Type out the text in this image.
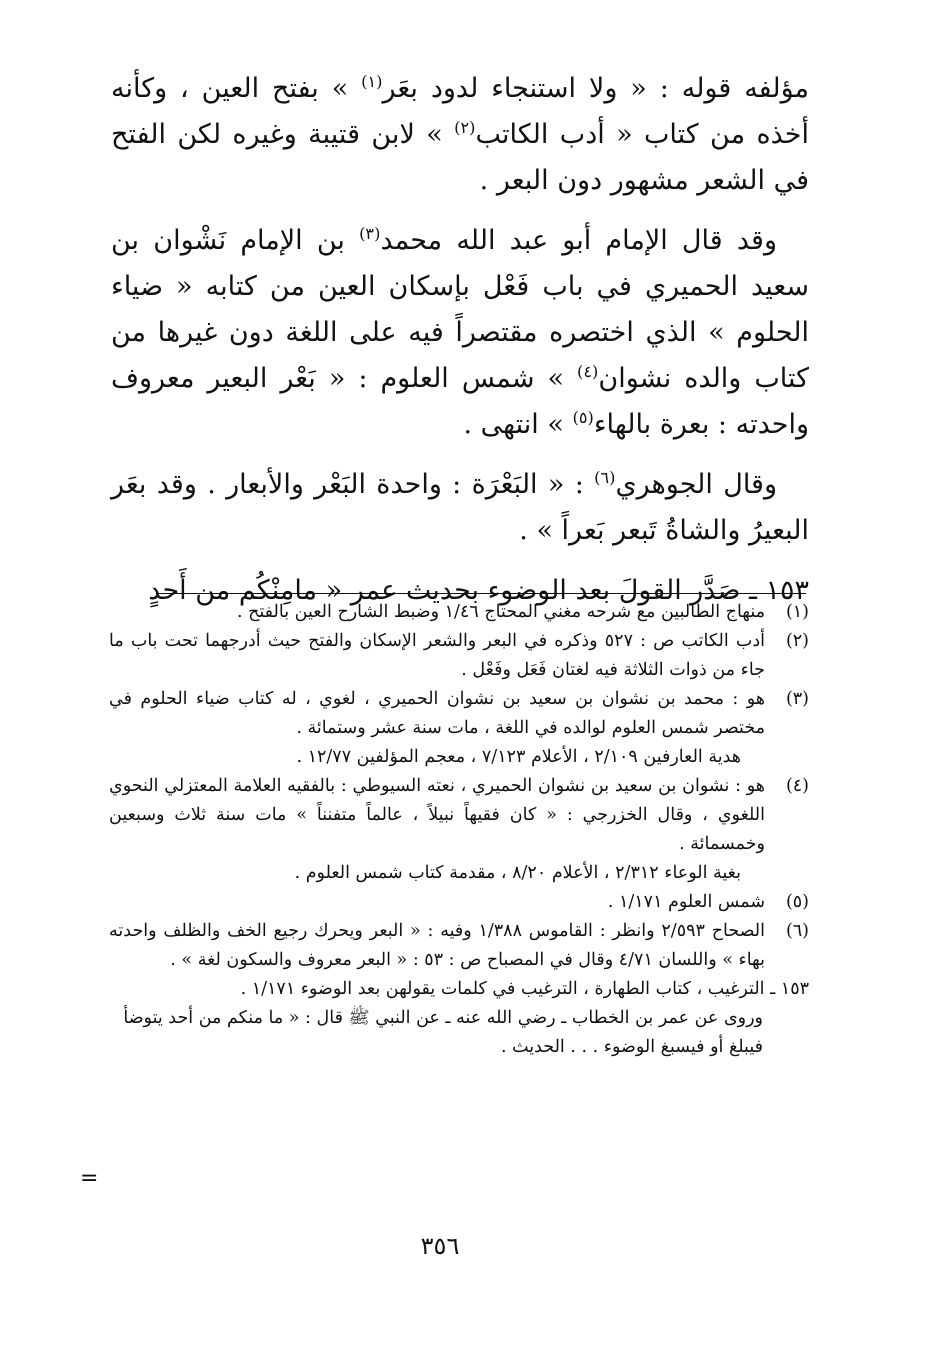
مؤلفه قوله : « ولا استنجاء لدود بعَر$^{(١)}$ » بفتح العين ، وكأنه أخذه من كتاب « أدب الكاتب$^{(٢)}$ » لابن قتيبة وغيره لكن الفتح في الشعر مشهور دون البعر .

وقد قال الإمام أبو عبد الله محمد$^{(٣)}$ بن الإمام نَشْوان بن سعيد الحميري في باب فَعْل بإسكان العين من كتابه « ضياء الحلوم » الذي اختصره مقتصراً فيه على اللغة دون غيرها من كتاب والده نشوان$^{(٤)}$ » شمس العلوم : « بَعْر البعير معروف واحدته : بعرة بالهاء$^{(٥)}$ » انتهى .

وقال الجوهري$^{(٦)}$ : « البَعْرَة : واحدة البَعْر والأبعار . وقد بعَر البعيرُ والشاةُ تَبعر بَعراً » .

١٥٣ ـ صَدَّر القولَ بعد الوضوء بحديث عمر « مامِنْكُم من أَحدٍ

(١)

منهاج الطالبين مع شرحه مغني المحتاج ١/٤٦ وضبط الشارح العين بالفتح .

(٢)

أدب الكاتب ص : ٥٢٧ وذكره في البعر والشعر الإسكان والفتح حيث أدرجهما تحت باب ما جاء من ذوات الثلاثة فيه لغتان فَعَل وفَعْل .

(٣)

هو : محمد بن نشوان بن سعيد بن نشوان الحميري ، لغوي ، له كتاب ضياء الحلوم في مختصر شمس العلوم لوالده في اللغة ، مات سنة عشر وستمائة .

هدية العارفين ٢/١٠٩ ، الأعلام ٧/١٢٣ ، معجم المؤلفين ١٢/٧٧ .

(٤)

هو : نشوان بن سعيد بن نشوان الحميري ، نعته السيوطي : بالفقيه العلامة المعتزلي النحوي اللغوي ، وقال الخزرجي : « كان فقيهاً نبيلاً ، عالماً متفنناً » مات سنة ثلاث وسبعين وخمسمائة .

بغية الوعاء ٢/٣١٢ ، الأعلام ٨/٢٠ ، مقدمة كتاب شمس العلوم .

(٥)

شمس العلوم ١/١٧١ .

(٦)

الصحاح ٢/٥٩٣ وانظر : القاموس ١/٣٨٨ وفيه : « البعر ويحرك رجيع الخف والظلف واحدته بهاء » واللسان ٤/٧١ وقال في المصباح ص : ٥٣ : « البعر معروف والسكون لغة » .

١٥٣ ـ الترغيب ، كتاب الطهارة ، الترغيب في كلمات يقولهن بعد الوضوء ١/١٧١ .

وروى عن عمر بن الخطاب ـ رضي الله عنه ـ عن النبي ﷺ قال : « ما منكم من أحد يتوضأ فيبلغ أو فيسبغ الوضوء . . . الحديث .

=
٣٥٦
